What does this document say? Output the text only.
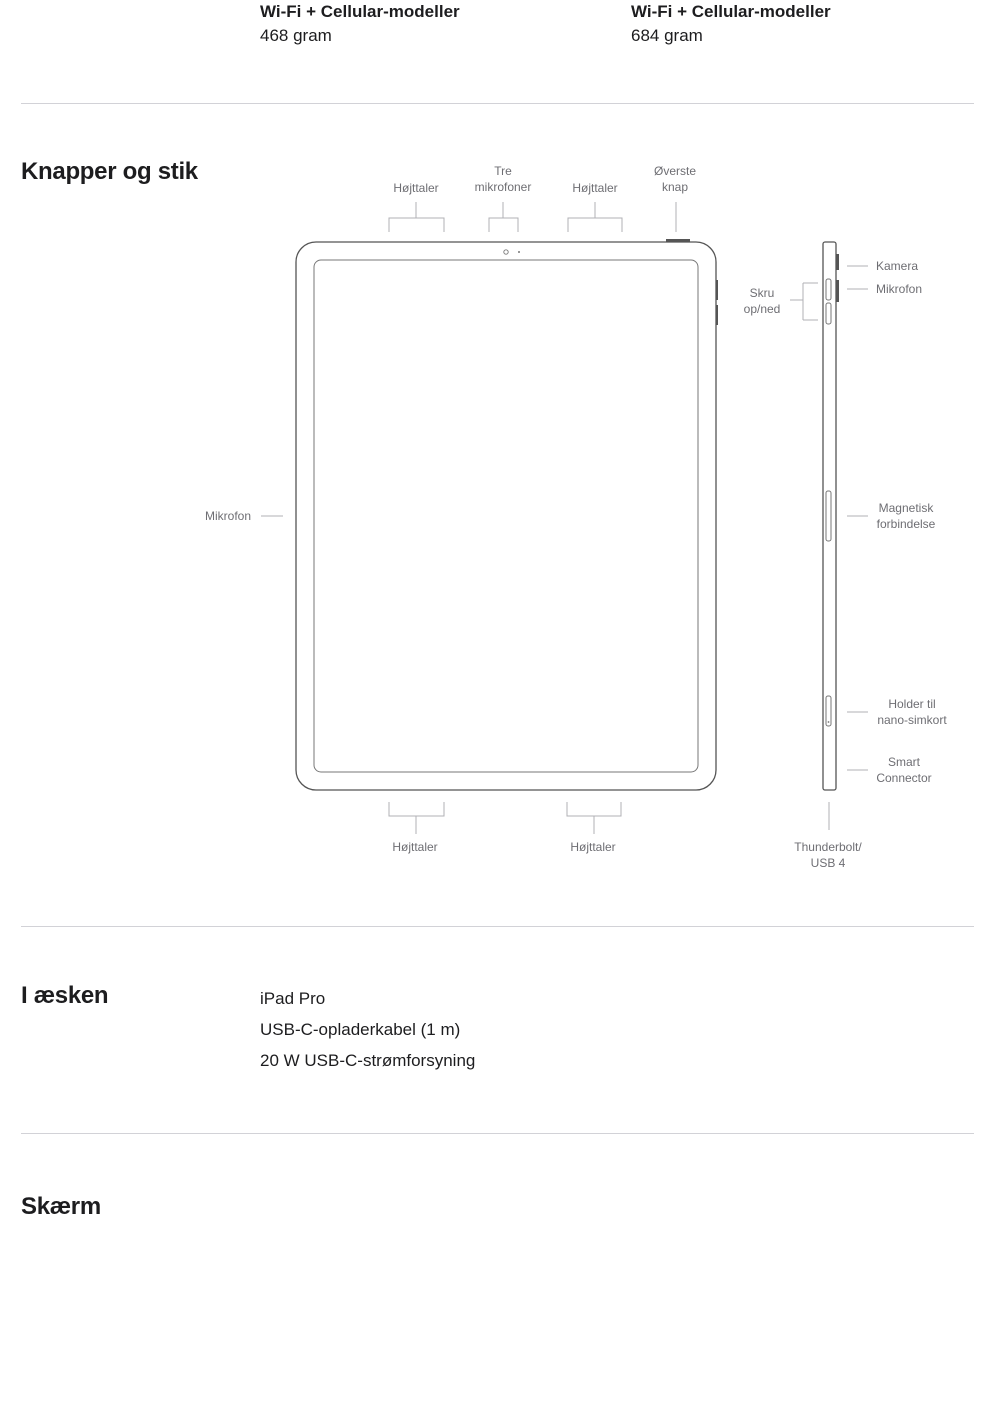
Wi‑Fi + Cellular-modeller
468 gram
Wi‑Fi + Cellular-modeller
684 gram
Knapper og stik
Højttaler
Tre
mikrofoner	Højttaler
Øverste
knap
Mikrofon
Skru
op/ned
Kamera
Mikrofon
Magnetisk
forbindelse
Holder til
nano-simkort
Smart
Connector
Højttaler	Højttaler	Thunderbolt/
USB 4
I æsken	iPad Pro
USB-C-opladerkabel (1 m)
20 W USB-C-strømforsyning
Skærm
